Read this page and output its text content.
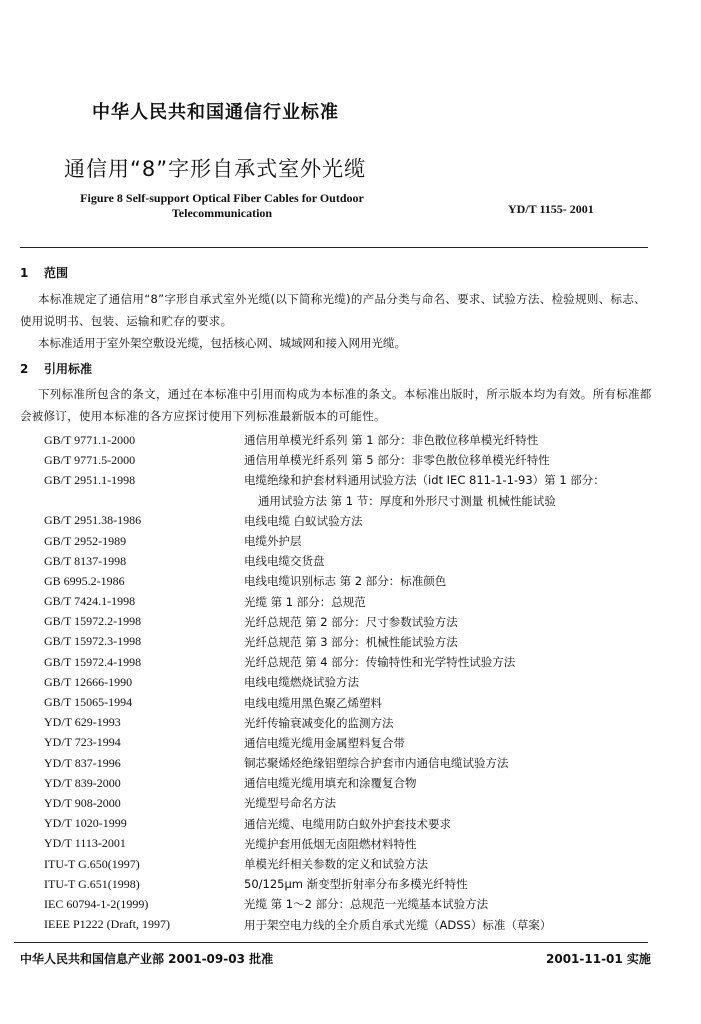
中华人民共和国通信行业标准
通信用“8”字形自承式室外光缆
Figure 8 Self-support Optical Fiber Cables for Outdoor Telecommunication	YD/T 1155- 2001
1 范围
本标准规定了通信用“8”字形自承式室外光缆(以下简称光缆)的产品分类与命名、要求、试验方法、检验规则、标志、使用说明书、包装、运输和贮存的要求。
本标准适用于室外架空敷设光缆，包括核心网、城域网和接入网用光缆。
2 引用标准
下列标准所包含的条文，通过在本标准中引用而构成为本标准的条文。本标准出版时，所示版本均为有效。所有标准都会被修订，使用本标准的各方应探讨使用下列标准最新版本的可能性。
GB/T 9771.1-2000	通信用单模光纤系列 第 1 部分：非色散位移单模光纤特性
GB/T 9771.5-2000	通信用单模光纤系列 第 5 部分：非零色散位移单模光纤特性
GB/T 2951.1-1998	电缆绝缘和护套材料通用试验方法（idt IEC 811-1-1-93）第 1 部分：
通用试验方法 第 1 节：厚度和外形尺寸测量 机械性能试验
GB/T 2951.38-1986	电线电缆 白蚁试验方法
GB/T 2952-1989	电缆外护层
GB/T 8137-1998	电线电缆交货盘
GB 6995.2-1986	电线电缆识别标志 第 2 部分：标准颜色
GB/T 7424.1-1998	光缆 第 1 部分：总规范
GB/T 15972.2-1998	光纤总规范 第 2 部分：尺寸参数试验方法
GB/T 15972.3-1998	光纤总规范 第 3 部分：机械性能试验方法
GB/T 15972.4-1998	光纤总规范 第 4 部分：传输特性和光学特性试验方法
GB/T 12666-1990	电线电缆燃烧试验方法
GB/T 15065-1994	电线电缆用黑色聚乙烯塑料
YD/T 629-1993	光纤传输衰减变化的监测方法
YD/T 723-1994	通信电缆光缆用金属塑料复合带
YD/T 837-1996	铜芯聚烯烃绝缘铝塑综合护套市内通信电缆试验方法
YD/T 839-2000	通信电缆光缆用填充和涂覆复合物
YD/T 908-2000	光缆型号命名方法
YD/T 1020-1999	通信光缆、电缆用防白蚁外护套技术要求
YD/T 1113-2001	光缆护套用低烟无卤阻燃材料特性
ITU-T G.650(1997)	单模光纤相关参数的定义和试验方法
ITU-T G.651(1998)	50/125μm 渐变型折射率分布多模光纤特性
IEC 60794-1-2(1999)	光缆 第 1～2 部分：总规范一光缆基本试验方法
IEEE P1222 (Draft, 1997)	用于架空电力线的全介质自承式光缆（ADSS）标准（草案）
中华人民共和国信息产业部 2001-09-03 批准	2001-11-01 实施
